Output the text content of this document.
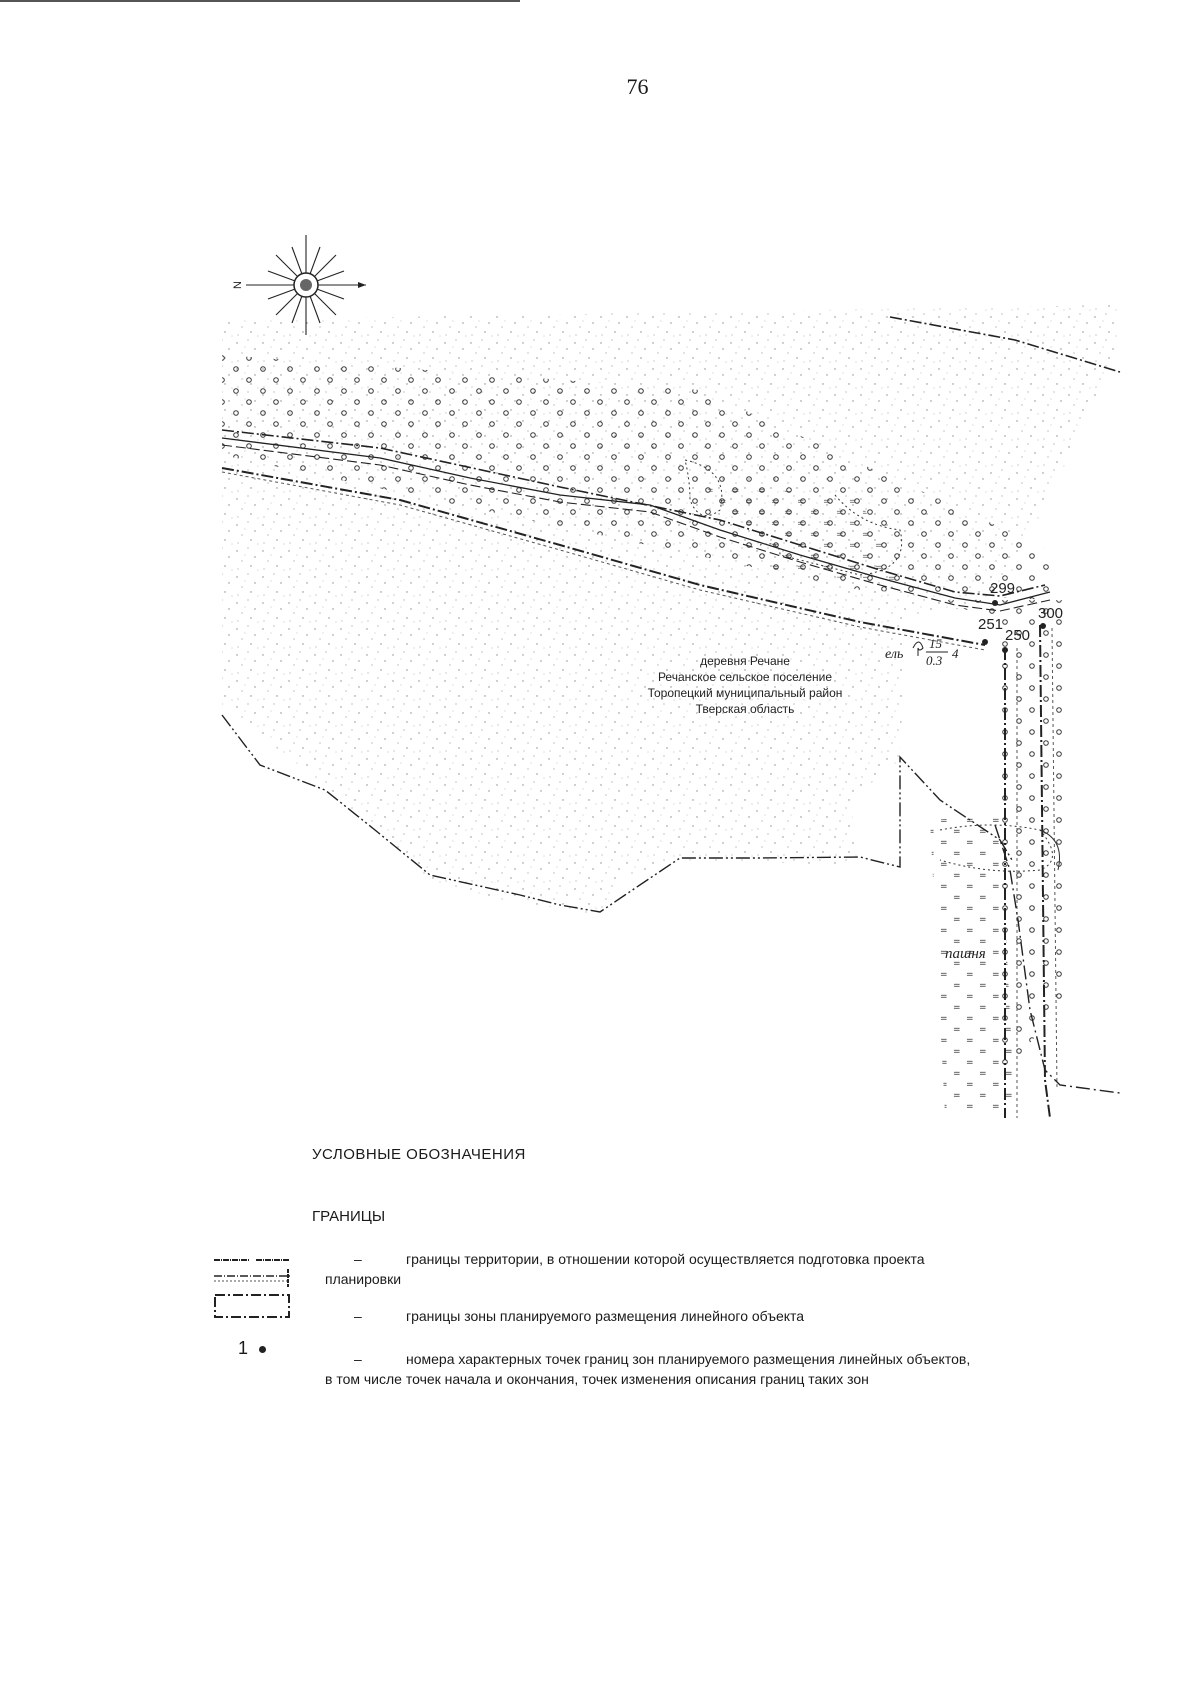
76
299
300
251
250
ель
15
0.3 4
деревня Речане
Речанское сельское поселение
Торопецкий муниципальный район
Тверская область
пашня
N
УСЛОВНЫЕ ОБОЗНАЧЕНИЯ
ГРАНИЦЫ
–	границы территории, в отношении которой осуществляется подготовка проекта
планировки
–	границы зоны планируемого размещения линейного объекта
1
–	номера характерных точек границ зон планируемого размещения линейных объектов,
в том числе точек начала и окончания, точек изменения описания границ таких зон
